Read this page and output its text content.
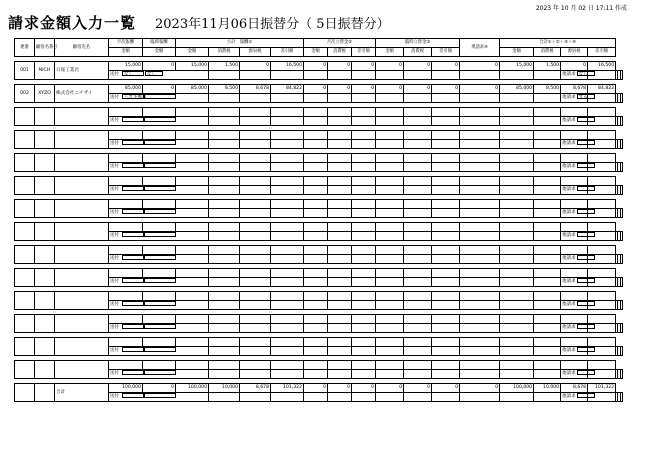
2023 年 10 月 02 日 17:11 作成
請求金額入力一覧 2023年11月06日振替分（ 5日振替分）
連番	顧客名番号	顧客先名	月次報酬	臨時報酬	小計　報酬①				月次立替金②			臨時立替金③			奥請求④	合計①＋②＋③＋④						
			金額	金額	金額	消費税	源泉税	差引額	金額	消費税	差引額	金額	消費税	差引額		金額	消費税	源泉税	差引額			

001	NICH	日報工業店	15,000	0	15,000	1,500	0	16,500	0	0	0	0	0	0	0	15,000	1,500	0	16,500			
			送付 なし なし															他請求 なし				

002	XYZO	株式会社ニチザイ	85,000	0	85,000	8,500	8,678	84,822	0	0	0	0	0	0	0	85,000	8,500	8,678	84,822			
			送付 ハガキ郵送															他請求 する				

			送付															他請求				

			送付															他請求				

			送付															他請求				

			送付															他請求				

			送付															他請求				

			送付															他請求				

			送付															他請求				

			送付															他請求				

			送付															他請求				

			送付															他請求				

			送付															他請求				

			送付															他請求				

		合計	100,000	0	100,000	10,000	8,678	101,322	0	0	0	0	0	0	0	100,000	10,000	8,678	101,322			
			送付															他請求				
